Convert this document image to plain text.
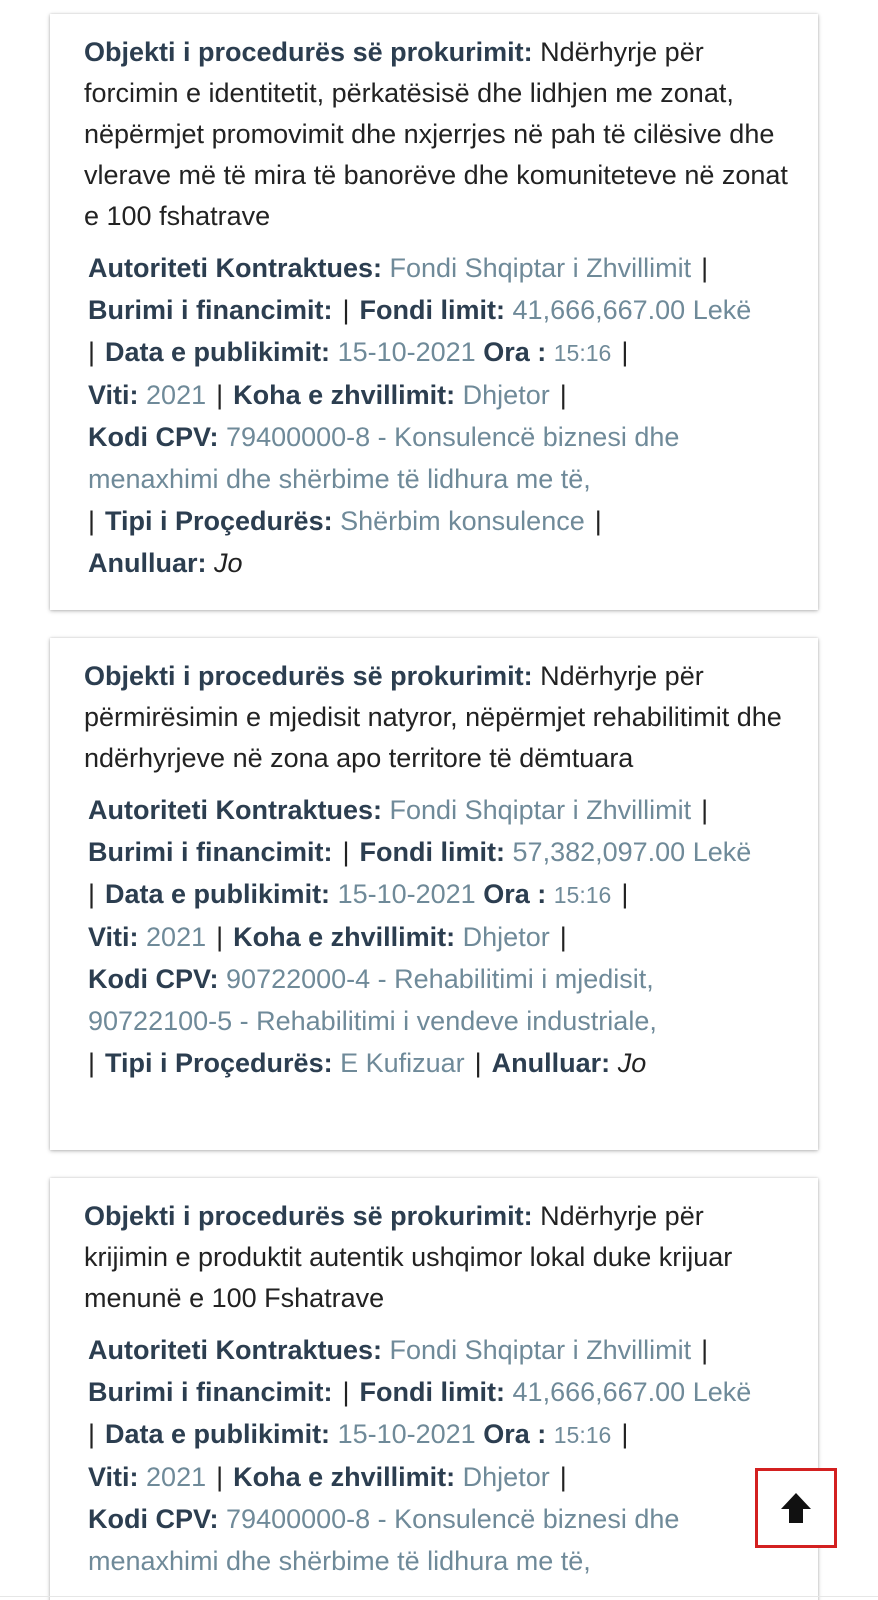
Objekti i procedurës së prokurimit: Ndërhyrje për forcimin e identitetit, përkatësisë dhe lidhjen me zonat, nëpërmjet promovimit dhe nxjerrjes në pah të cilësive dhe vlerave më të mira të banorëve dhe komuniteteve në zonat e 100 fshatrave
Autoriteti Kontraktues: Fondi Shqiptar i Zhvillimit |
Burimi i financimit: | Fondi limit: 41,666,667.00 Lekë
| Data e publikimit: 15-10-2021 Ora : 15:16 |
Viti: 2021 | Koha e zhvillimit: Dhjetor |
Kodi CPV: 79400000-8 - Konsulencë biznesi dhe menaxhimi dhe shërbime të lidhura me të,
| Tipi i Proçedurës: Shërbim konsulence |
Anulluar: Jo
Objekti i procedurës së prokurimit: Ndërhyrje për përmirësimin e mjedisit natyror, nëpërmjet rehabilitimit dhe ndërhyrjeve në zona apo territore të dëmtuara
Autoriteti Kontraktues: Fondi Shqiptar i Zhvillimit |
Burimi i financimit: | Fondi limit: 57,382,097.00 Lekë
| Data e publikimit: 15-10-2021 Ora : 15:16 |
Viti: 2021 | Koha e zhvillimit: Dhjetor |
Kodi CPV: 90722000-4 - Rehabilitimi i mjedisit, 90722100-5 - Rehabilitimi i vendeve industriale,
| Tipi i Proçedurës: E Kufizuar | Anulluar: Jo
Objekti i procedurës së prokurimit: Ndërhyrje për krijimin e produktit autentik ushqimor lokal duke krijuar menunë e 100 Fshatrave
Autoriteti Kontraktues: Fondi Shqiptar i Zhvillimit |
Burimi i financimit: | Fondi limit: 41,666,667.00 Lekë
| Data e publikimit: 15-10-2021 Ora : 15:16 |
Viti: 2021 | Koha e zhvillimit: Dhjetor |
Kodi CPV: 79400000-8 - Konsulencë biznesi dhe menaxhimi dhe shërbime të lidhura me të,
